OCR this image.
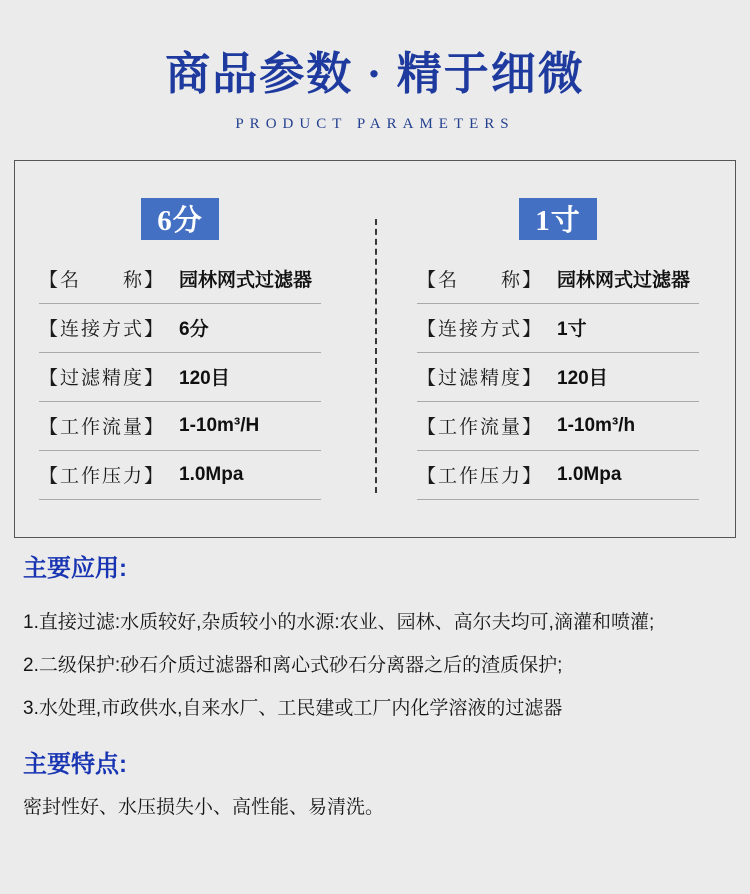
商品参数 · 精于细微
PRODUCT PARAMETERS
6分
【名　　称】 园林网式过滤器
【连接方式】 6分
【过滤精度】 120目
【工作流量】 1-10m³/H
【工作压力】 1.0Mpa
1寸
【名　　称】 园林网式过滤器
【连接方式】 1寸
【过滤精度】 120目
【工作流量】 1-10m³/h
【工作压力】 1.0Mpa
主要应用:
1.直接过滤:水质较好,杂质较小的水源:农业、园林、高尔夫均可,滴灌和喷灌;
2.二级保护:砂石介质过滤器和离心式砂石分离器之后的渣质保护;
3.水处理,市政供水,自来水厂、工民建或工厂内化学溶液的过滤器
主要特点:
密封性好、水压损失小、高性能、易清洗。
